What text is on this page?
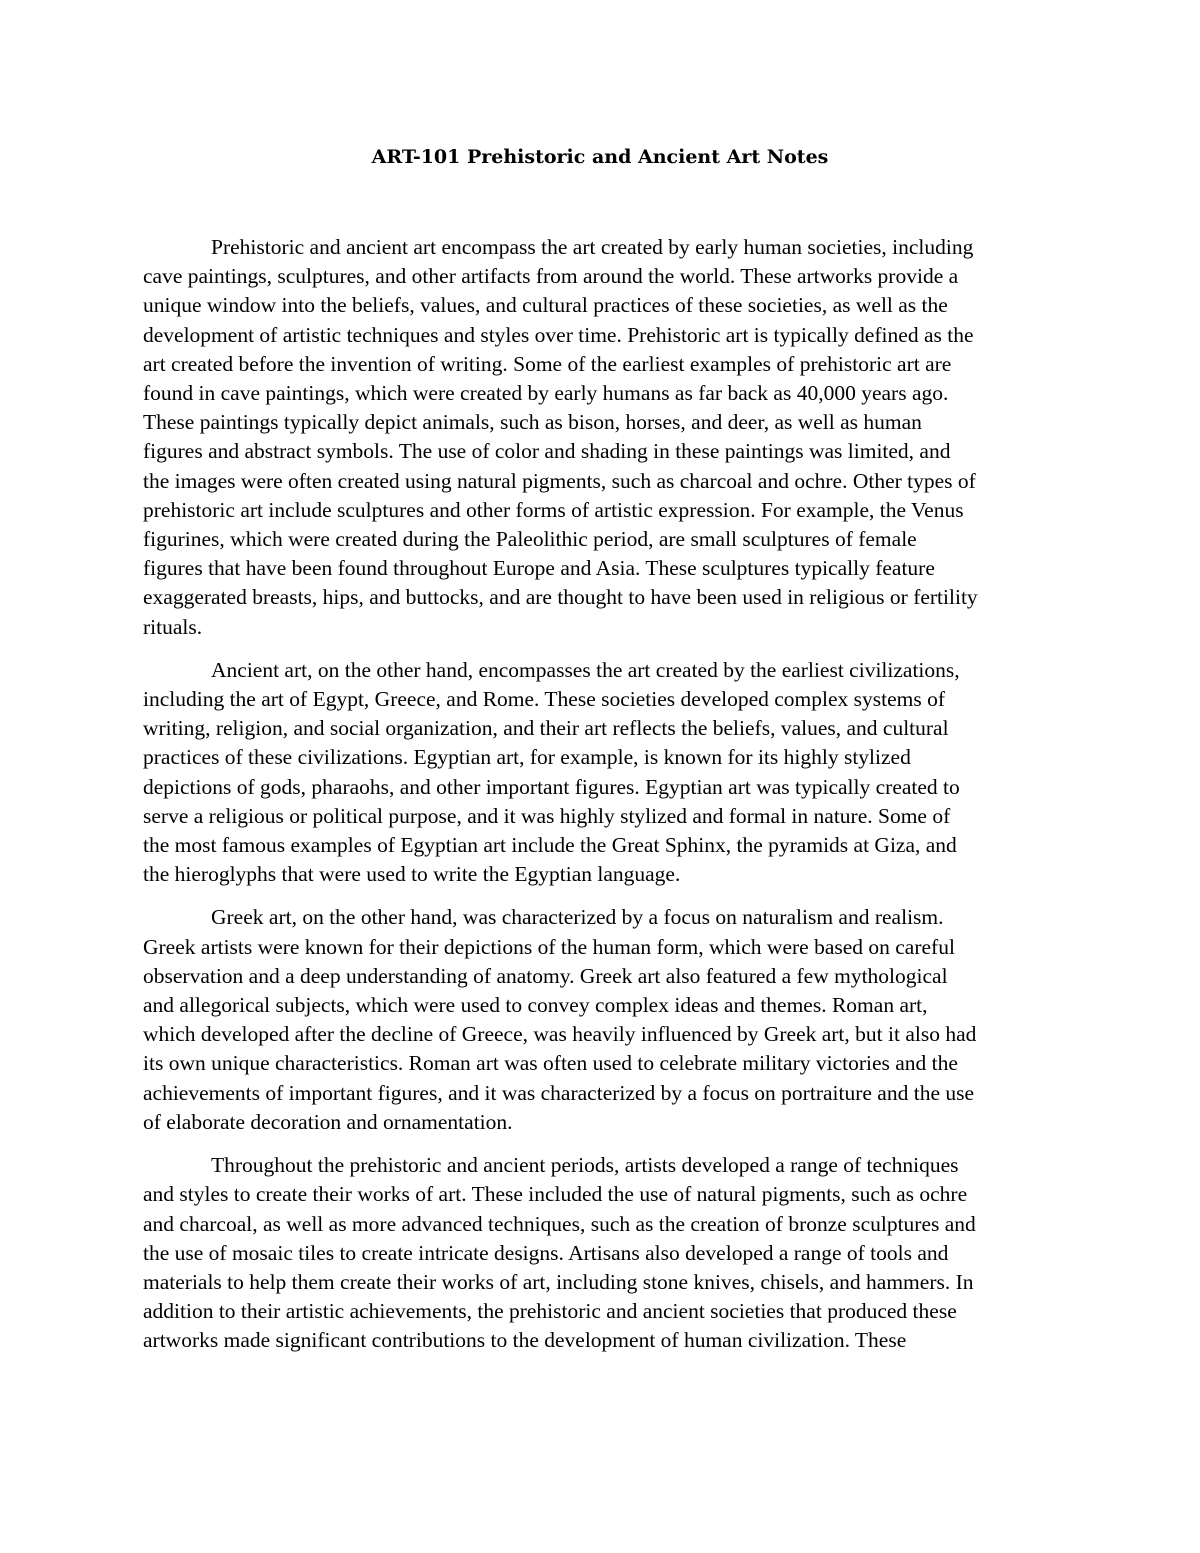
ART-101 Prehistoric and Ancient Art Notes

Prehistoric and ancient art encompass the art created by early human societies, including
cave paintings, sculptures, and other artifacts from around the world. These artworks provide a
unique window into the beliefs, values, and cultural practices of these societies, as well as the
development of artistic techniques and styles over time. Prehistoric art is typically defined as the
art created before the invention of writing. Some of the earliest examples of prehistoric art are
found in cave paintings, which were created by early humans as far back as 40,000 years ago.
These paintings typically depict animals, such as bison, horses, and deer, as well as human
figures and abstract symbols. The use of color and shading in these paintings was limited, and
the images were often created using natural pigments, such as charcoal and ochre. Other types of
prehistoric art include sculptures and other forms of artistic expression. For example, the Venus
figurines, which were created during the Paleolithic period, are small sculptures of female
figures that have been found throughout Europe and Asia. These sculptures typically feature
exaggerated breasts, hips, and buttocks, and are thought to have been used in religious or fertility
rituals.

Ancient art, on the other hand, encompasses the art created by the earliest civilizations,
including the art of Egypt, Greece, and Rome. These societies developed complex systems of
writing, religion, and social organization, and their art reflects the beliefs, values, and cultural
practices of these civilizations. Egyptian art, for example, is known for its highly stylized
depictions of gods, pharaohs, and other important figures. Egyptian art was typically created to
serve a religious or political purpose, and it was highly stylized and formal in nature. Some of
the most famous examples of Egyptian art include the Great Sphinx, the pyramids at Giza, and
the hieroglyphs that were used to write the Egyptian language.

Greek art, on the other hand, was characterized by a focus on naturalism and realism.
Greek artists were known for their depictions of the human form, which were based on careful
observation and a deep understanding of anatomy. Greek art also featured a few mythological
and allegorical subjects, which were used to convey complex ideas and themes. Roman art,
which developed after the decline of Greece, was heavily influenced by Greek art, but it also had
its own unique characteristics. Roman art was often used to celebrate military victories and the
achievements of important figures, and it was characterized by a focus on portraiture and the use
of elaborate decoration and ornamentation.

Throughout the prehistoric and ancient periods, artists developed a range of techniques
and styles to create their works of art. These included the use of natural pigments, such as ochre
and charcoal, as well as more advanced techniques, such as the creation of bronze sculptures and
the use of mosaic tiles to create intricate designs. Artisans also developed a range of tools and
materials to help them create their works of art, including stone knives, chisels, and hammers. In
addition to their artistic achievements, the prehistoric and ancient societies that produced these
artworks made significant contributions to the development of human civilization. These
